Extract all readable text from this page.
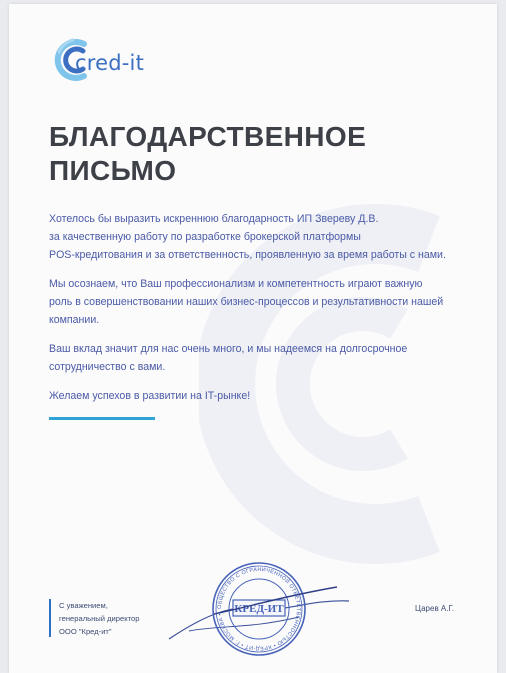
cred-it
БЛАГОДАРСТВЕННОЕ
ПИСЬМО

Хотелось бы выразить искреннюю благодарность ИП Звереву Д.В.
за качественную работу по разработке брокерской платформы
POS-кредитования и за ответственность, проявленную за время работы с нами.

Мы осознаем, что Ваш профессионализм и компетентность играют важную
роль в совершенствовании наших бизнес-процессов и результативности нашей
компании.

Ваш вклад значит для нас очень много, и мы надеемся на долгосрочное
сотрудничество с вами.

Желаем успехов в развитии на IT-рынке!

С уважением,
генеральный директор
ООО "Кред-ит"
ОБЩЕСТВО С ОГРАНИЧЕННОЙ ОТВЕТСТВЕННОСТЬЮ • КРЕД-ИТ • Г. МОСКВА • КРЕД-ИТ	Царев А.Г.
